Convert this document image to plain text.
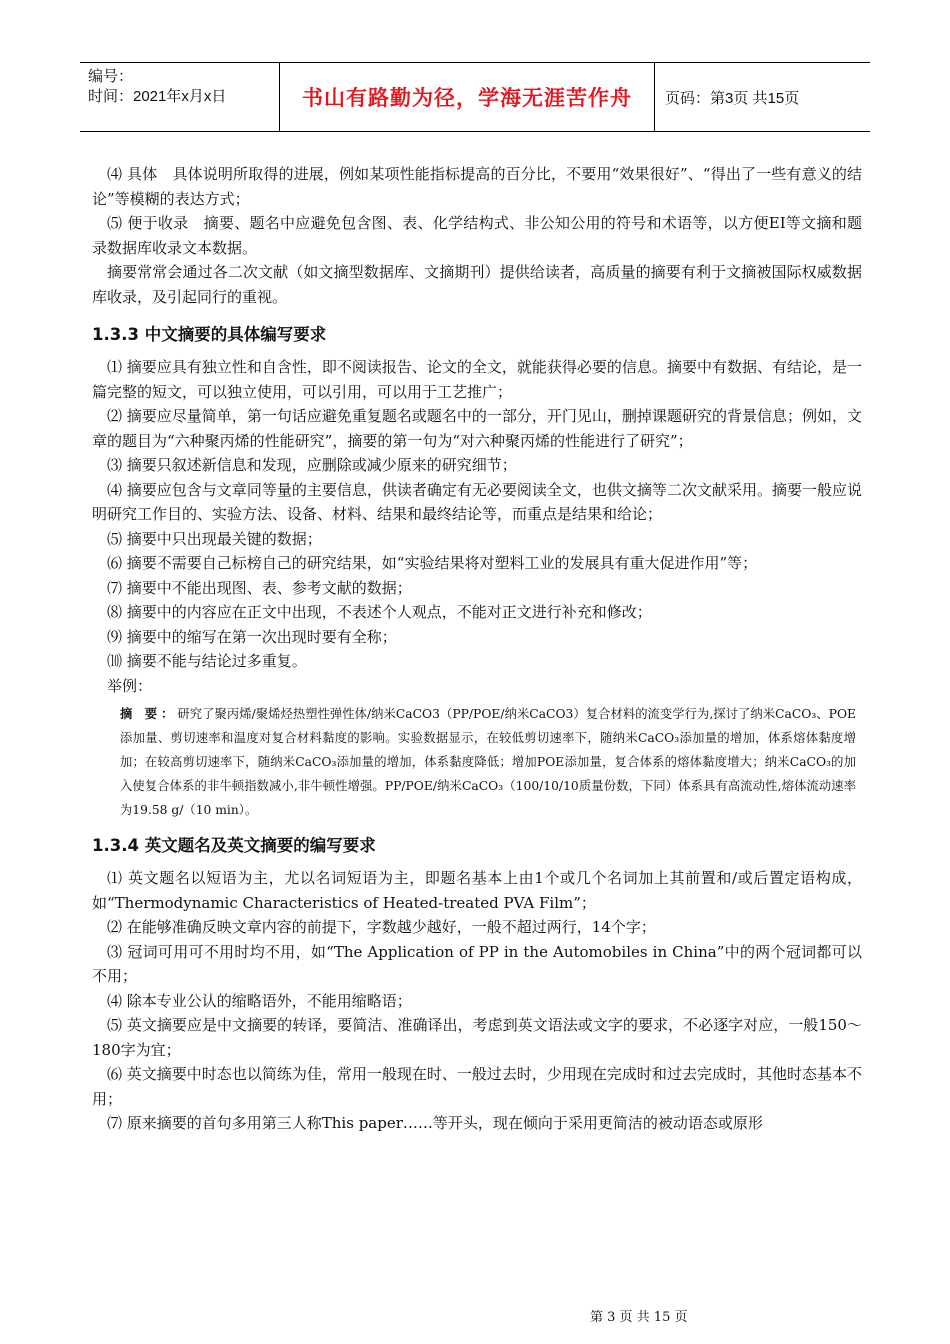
编号：
时间：2021年x月x日	书山有路勤为径，学海无涯苦作舟	页码：第3页 共15页

⑷ 具体　具体说明所取得的进展，例如某项性能指标提高的百分比，不要用“效果很好”、“得出了一些有意义的结论”等模糊的表达方式；

⑸ 便于收录　摘要、题名中应避免包含图、表、化学结构式、非公知公用的符号和术语等，以方便EI等文摘和题录数据库收录文本数据。

摘要常常会通过各二次文献（如文摘型数据库、文摘期刊）提供给读者，高质量的摘要有利于文摘被国际权威数据库收录，及引起同行的重视。

1.3.3 中文摘要的具体编写要求

⑴ 摘要应具有独立性和自含性，即不阅读报告、论文的全文，就能获得必要的信息。摘要中有数据、有结论，是一篇完整的短文，可以独立使用，可以引用，可以用于工艺推广；

⑵ 摘要应尽量简单，第一句话应避免重复题名或题名中的一部分，开门见山，删掉课题研究的背景信息；例如，文章的题目为“六种聚丙烯的性能研究”，摘要的第一句为“对六种聚丙烯的性能进行了研究”；

⑶ 摘要只叙述新信息和发现，应删除或减少原来的研究细节；

⑷ 摘要应包含与文章同等量的主要信息，供读者确定有无必要阅读全文，也供文摘等二次文献采用。摘要一般应说明研究工作目的、实验方法、设备、材料、结果和最终结论等，而重点是结果和给论；

⑸ 摘要中只出现最关键的数据；

⑹ 摘要不需要自己标榜自己的研究结果，如“实验结果将对塑料工业的发展具有重大促进作用”等；

⑺ 摘要中不能出现图、表、参考文献的数据；

⑻ 摘要中的内容应在正文中出现，不表述个人观点，不能对正文进行补充和修改；

⑼ 摘要中的缩写在第一次出现时要有全称；

⑽ 摘要不能与结论过多重复。

举例：

摘 要：研究了聚丙烯/聚烯烃热塑性弹性体/纳米CaCO3（PP/POE/纳米CaCO3）复合材料的流变学行为,探讨了纳米CaCO₃、POE添加量、剪切速率和温度对复合材料黏度的影响。实验数据显示，在较低剪切速率下，随纳米CaCO₃添加量的增加，体系熔体黏度增加；在较高剪切速率下，随纳米CaCO₃添加量的增加，体系黏度降低；增加POE添加量，复合体系的熔体黏度增大；纳米CaCO₃的加入使复合体系的非牛顿指数减小,非牛顿性增强。PP/POE/纳米CaCO₃（100/10/10质量份数，下同）体系具有高流动性,熔体流动速率为19.58 g/（10 min）。

1.3.4 英文题名及英文摘要的编写要求

⑴ 英文题名以短语为主，尤以名词短语为主，即题名基本上由1个或几个名词加上其前置和/或后置定语构成，如“Thermodynamic Characteristics of Heated-treated PVA Film”；

⑵ 在能够准确反映文章内容的前提下，字数越少越好，一般不超过两行，14个字；

⑶ 冠词可用可不用时均不用，如“The Application of PP in the Automobiles in China”中的两个冠词都可以不用；

⑷ 除本专业公认的缩略语外，不能用缩略语；

⑸ 英文摘要应是中文摘要的转译，要简洁、准确译出，考虑到英文语法或文字的要求，不必逐字对应，一般150～180字为宜；

⑹ 英文摘要中时态也以简练为佳，常用一般现在时、一般过去时，少用现在完成时和过去完成时，其他时态基本不用；

⑺ 原来摘要的首句多用第三人称This paper……等开头，现在倾向于采用更简洁的被动语态或原形

第 3 页 共 15 页
